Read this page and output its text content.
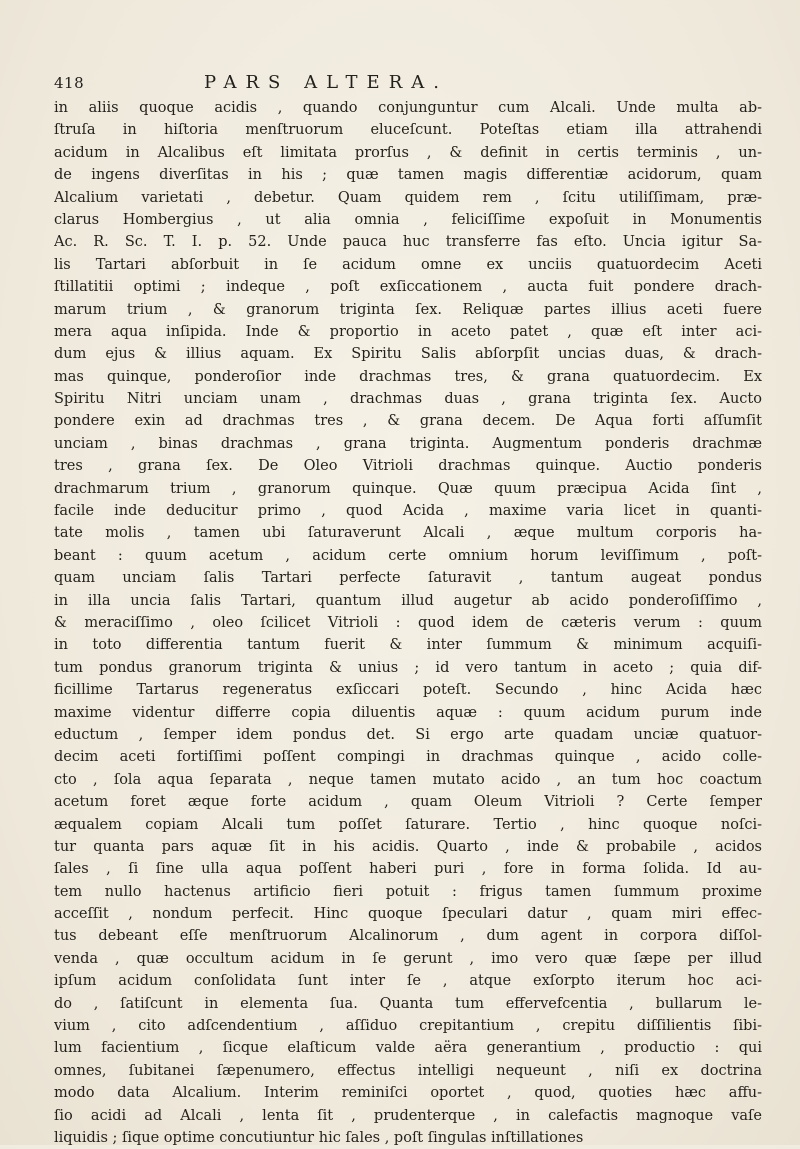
418	PARS ALTERA.
in aliis quoque acidis , quando conjunguntur cum Alcali. Unde multa ab-
ſtruſa in hiſtoria menſtruorum eluceſcunt. Poteſtas etiam illa attrahendi
acidum in Alcalibus eſt limitata prorſus , & definit in certis terminis , un-
de ingens diverſitas in his ; quæ tamen magis differentiæ acidorum, quam
Alcalium varietati , debetur. Quam quidem rem , ſcitu utiliſſimam, præ-
clarus Hombergius , ut alia omnia , feliciſſime expoſuit in Monumentis
Ac. R. Sc. T. I. p. 52. Unde pauca huc transferre fas eſto. Uncia igitur Sa-
lis Tartari abſorbuit in ſe acidum omne ex unciis quatuordecim Aceti
ſtillatitii optimi ; indeque , poſt exſiccationem , aucta fuit pondere drach-
marum trium , & granorum triginta ſex. Reliquæ partes illius aceti fuere
mera aqua inſipida. Inde & proportio in aceto patet , quæ eſt inter aci-
dum ejus & illius aquam. Ex Spiritu Salis abſorpſit uncias duas, & drach-
mas quinque, ponderoſior inde drachmas tres, & grana quatuordecim. Ex
Spiritu Nitri unciam unam , drachmas duas , grana triginta ſex. Aucto
pondere exin ad drachmas tres , & grana decem. De Aqua forti aſſumſit
unciam , binas drachmas , grana triginta. Augmentum ponderis drachmæ
tres , grana ſex. De Oleo Vitrioli drachmas quinque. Auctio ponderis
drachmarum trium , granorum quinque. Quæ quum præcipua Acida ſint ,
facile inde deducitur primo , quod Acida , maxime varia licet in quanti-
tate molis , tamen ubi ſaturaverunt Alcali , æque multum corporis ha-
beant : quum acetum , acidum certe omnium horum leviſſimum , poſt-
quam unciam ſalis Tartari perfecte ſaturavit , tantum augeat pondus
in illa uncia ſalis Tartari, quantum illud augetur ab acido ponderoſiſſimo ,
& meraciſſimo , oleo ſcilicet Vitrioli : quod idem de cæteris verum : quum
in toto differentia tantum fuerit & inter ſummum & minimum acquiſi-
tum pondus granorum triginta & unius ; id vero tantum in aceto ; quia dif-
ficillime Tartarus regeneratus exſiccari poteſt. Secundo , hinc Acida hæc
maxime videntur differre copia diluentis aquæ : quum acidum purum inde
eductum , ſemper idem pondus det. Si ergo arte quadam unciæ quatuor-
decim aceti fortiſſimi poſſent compingi in drachmas quinque , acido colle-
cto , ſola aqua ſeparata , neque tamen mutato acido , an tum hoc coactum
acetum foret æque forte acidum , quam Oleum Vitrioli ? Certe ſemper
æqualem copiam Alcali tum poſſet ſaturare. Tertio , hinc quoque noſci-
tur quanta pars aquæ ſit in his acidis. Quarto , inde & probabile , acidos
ſales , ſi ſine ulla aqua poſſent haberi puri , fore in forma ſolida. Id au-
tem nullo hactenus artificio fieri potuit : frigus tamen ſummum proxime
acceſſit , nondum perfecit. Hinc quoque ſpeculari datur , quam miri effec-
tus debeant eſſe menſtruorum Alcalinorum , dum agent in corpora diſſol-
venda , quæ occultum acidum in ſe gerunt , imo vero quæ ſæpe per illud
ipſum acidum conſolidata ſunt inter ſe , atque exſorpto iterum hoc aci-
do , ſatiſcunt in elementa ſua. Quanta tum effervefcentia , bullarum le-
vium , cito adſcendentium , aſſiduo crepitantium , crepitu diſſilientis ſibi-
lum facientium , ſicque elaſticum valde aëra generantium , productio : qui
omnes, ſubitanei ſæpenumero, effectus intelligi nequeunt , niſi ex doctrina
modo data Alcalium. Interim reminiſci oportet , quod, quoties hæc affu-
ſio acidi ad Alcali , lenta ſit , prudenterque , in calefactis magnoque vaſe
liquidis ; ſique optime concutiuntur hic ſales , poſt ſingulas inſtillationes
